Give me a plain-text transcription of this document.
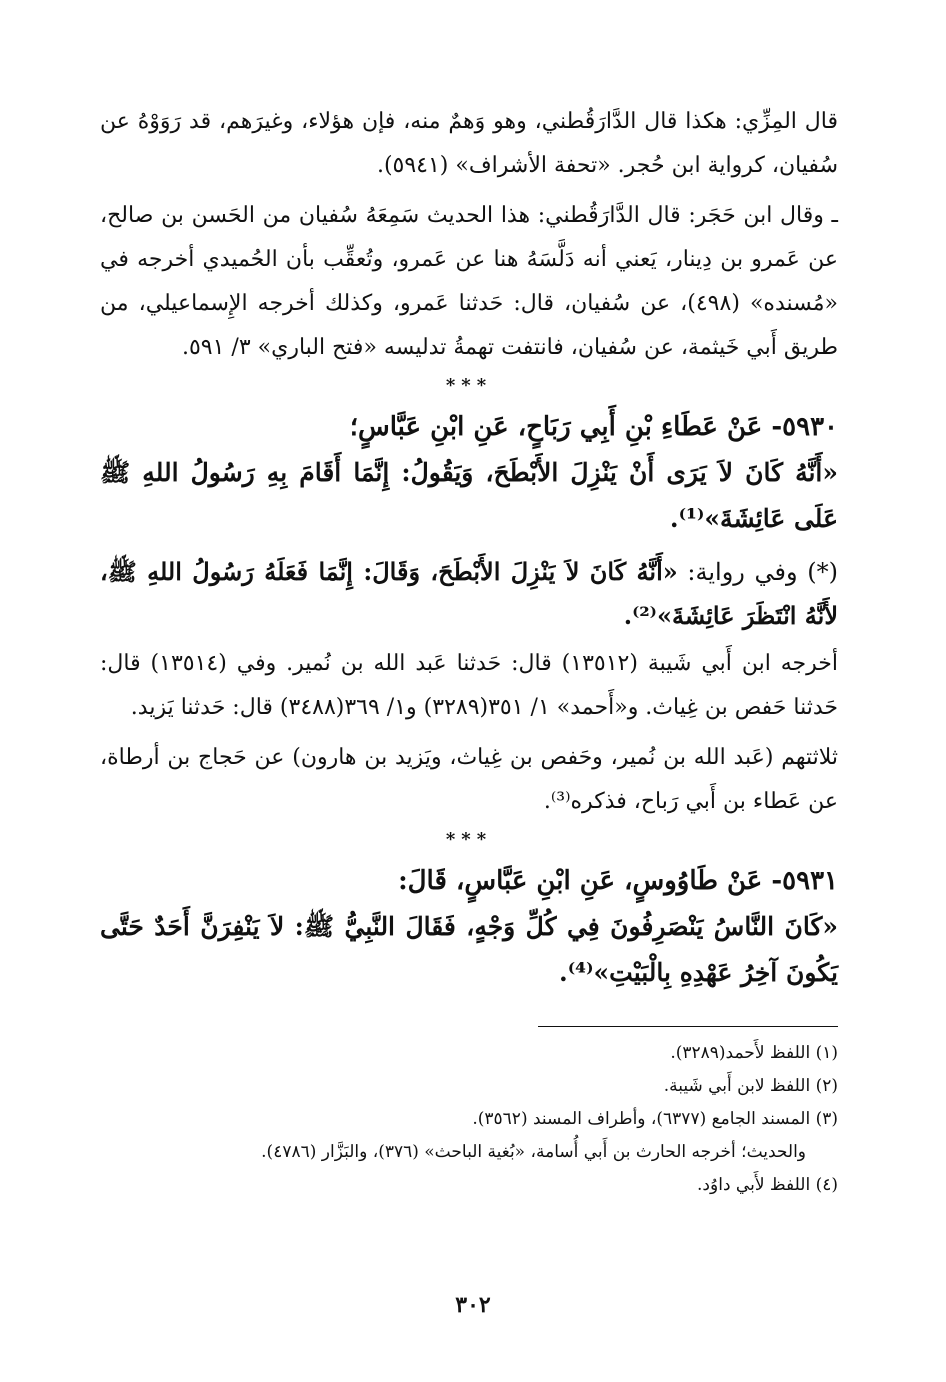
قال المِزِّي: هكذا قال الدَّارَقُطني، وهو وَهمٌ منه، فإن هؤلاء، وغيرَهم، قد رَوَوْهُ عن سُفيان، كرواية ابن حُجر. «تحفة الأشراف» (٥٩٤١).

ـ وقال ابن حَجَر: قال الدَّارَقُطني: هذا الحديث سَمِعَهُ سُفيان من الحَسن بن صالح، عن عَمرو بن دِينار، يَعني أنه دَلَّسَهُ هنا عن عَمرو، وتُعقِّب بأن الحُميدي أخرجه في «مُسنده» (٤٩٨)، عن سُفيان، قال: حَدثنا عَمرو، وكذلك أخرجه الإِسماعيلي، من طريق أَبي خَيثمة، عن سُفيان، فانتفت تهمةُ تدليسه «فتح الباري» ٣/ ٥٩١.

***

٥٩٣٠- عَنْ عَطَاءِ بْنِ أَبِي رَبَاحٍ، عَنِ ابْنِ عَبَّاسٍ؛

«أَنَّهُ كَانَ لاَ يَرَى أَنْ يَنْزِلَ الأَبْطَحَ، وَيَقُولُ: إِنَّمَا أَقَامَ بِهِ رَسُولُ اللهِ ﷺ عَلَى عَائِشَةَ»⁽¹⁾.

(*) وفي رواية: «أَنَّهُ كَانَ لاَ يَنْزِلَ الأَبْطَحَ، وَقَالَ: إِنَّمَا فَعَلَهُ رَسُولُ اللهِ ﷺ، لأَنَّهُ انْتَظَرَ عَائِشَةَ»⁽²⁾.

أخرجه ابن أَبي شَيبة (١٣٥١٢) قال: حَدثنا عَبد الله بن نُمير. وفي (١٣٥١٤) قال: حَدثنا حَفص بن غِياث. و«أَحمد» ١/ ٣٥١(٣٢٨٩) و١/ ٣٦٩(٣٤٨٨) قال: حَدثنا يَزيد.

ثلاثتهم (عَبد الله بن نُمير، وحَفص بن غِياث، ويَزيد بن هارون) عن حَجاج بن أرطاة، عن عَطاء بن أَبي رَباح، فذكره⁽³⁾.

***

٥٩٣١- عَنْ طَاوُوسٍ، عَنِ ابْنِ عَبَّاسٍ، قَالَ:

«كَانَ النَّاسُ يَنْصَرِفُونَ فِي كُلِّ وَجْهٍ، فَقَالَ النَّبِيُّ ﷺ: لاَ يَنْفِرَنَّ أَحَدٌ حَتَّى يَكُونَ آخِرُ عَهْدِهِ بِالْبَيْتِ»⁽⁴⁾.

(١) اللفظ لأَحمد(٣٢٨٩).

(٢) اللفظ لابن أَبي شَيبة.

(٣) المسند الجامع (٦٣٧٧)، وأطراف المسند (٣٥٦٢).

والحديث؛ أخرجه الحارث بن أَبي أُسامة، «بُغية الباحث» (٣٧٦)، والبَزَّار (٤٧٨٦).

(٤) اللفظ لأَبي داوُد.

٣٠٢
